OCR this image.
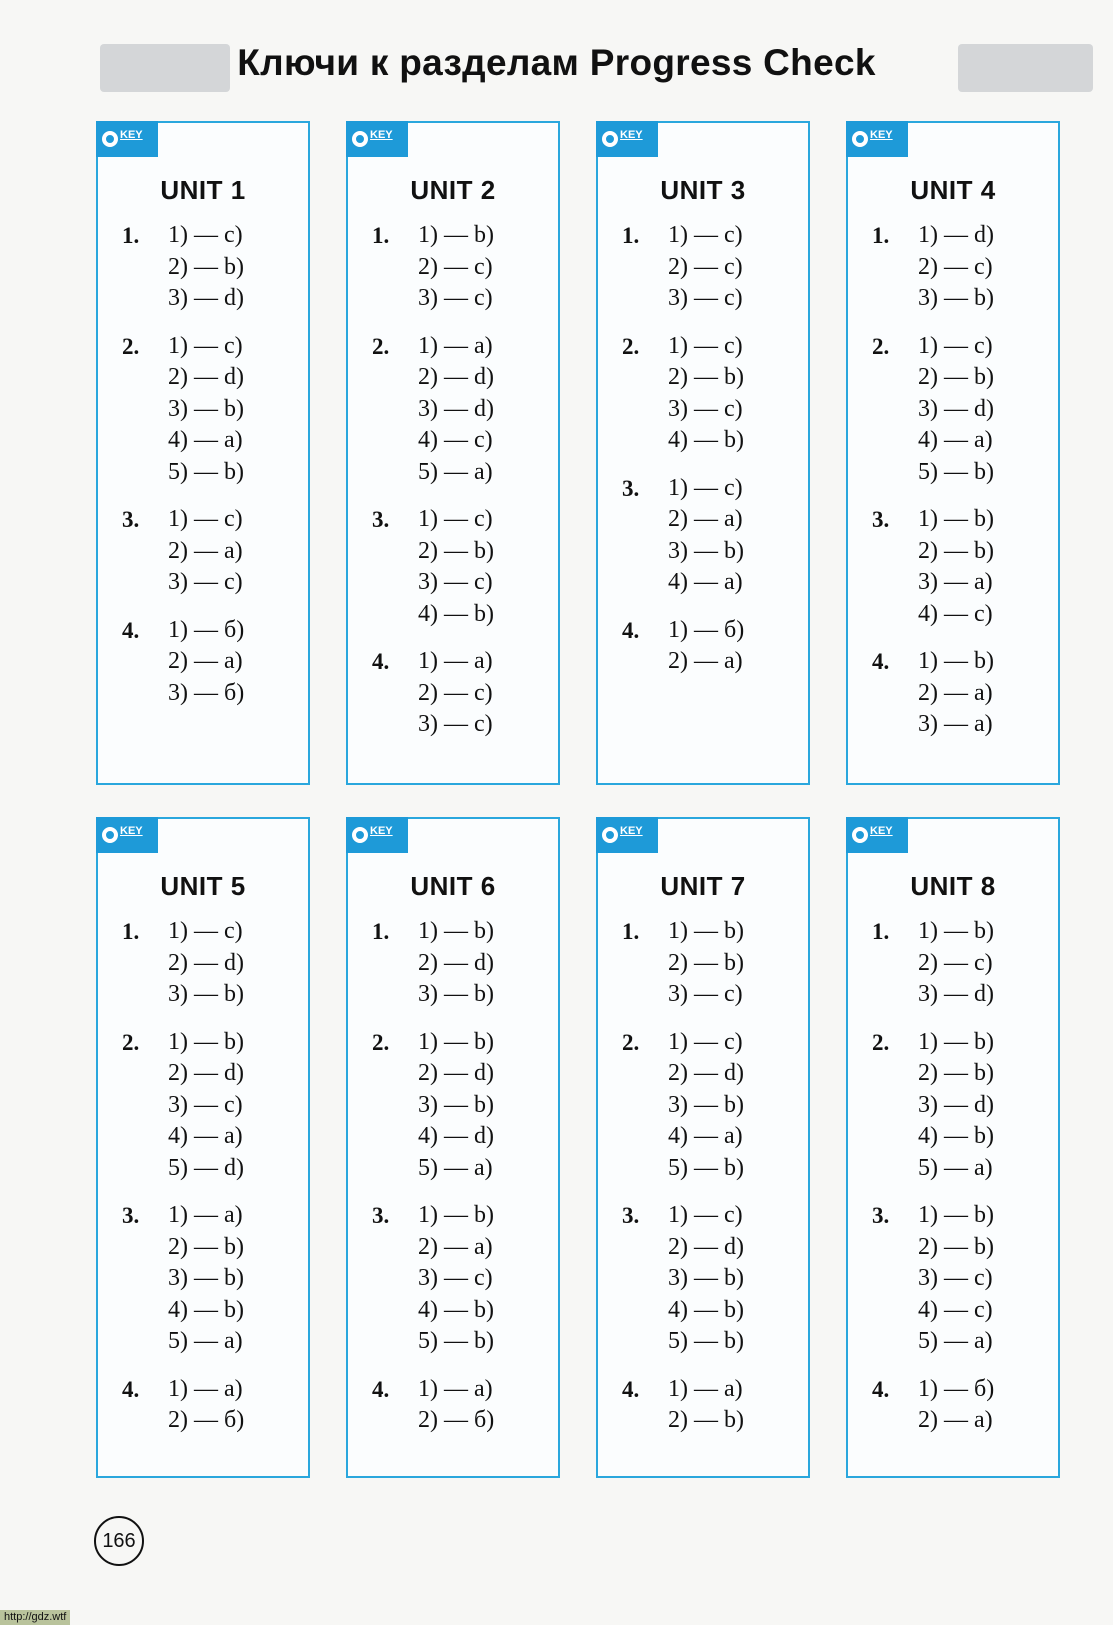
Ключи к разделам Progress Check
KEY
UNIT 1
1.	1) — c)
2) — b)
3) — d)
2.	1) — c)
2) — d)
3) — b)
4) — a)
5) — b)
3.	1) — c)
2) — a)
3) — c)
4.	1) — б)
2) — a)
3) — б)
KEY
UNIT 2
1.	1) — b)
2) — c)
3) — c)
2.	1) — a)
2) — d)
3) — d)
4) — c)
5) — a)
3.	1) — c)
2) — b)
3) — c)
4) — b)
4.	1) — a)
2) — c)
3) — c)
KEY
UNIT 3
1.	1) — c)
2) — c)
3) — c)
2.	1) — c)
2) — b)
3) — c)
4) — b)
3.	1) — c)
2) — a)
3) — b)
4) — a)
4.	1) — б)
2) — a)
KEY
UNIT 4
1.	1) — d)
2) — c)
3) — b)
2.	1) — c)
2) — b)
3) — d)
4) — a)
5) — b)
3.	1) — b)
2) — b)
3) — a)
4) — c)
4.	1) — b)
2) — a)
3) — a)
KEY
UNIT 5
1.	1) — c)
2) — d)
3) — b)
2.	1) — b)
2) — d)
3) — c)
4) — a)
5) — d)
3.	1) — a)
2) — b)
3) — b)
4) — b)
5) — a)
4.	1) — a)
2) — б)
KEY
UNIT 6
1.	1) — b)
2) — d)
3) — b)
2.	1) — b)
2) — d)
3) — b)
4) — d)
5) — a)
3.	1) — b)
2) — a)
3) — c)
4) — b)
5) — b)
4.	1) — a)
2) — б)
KEY
UNIT 7
1.	1) — b)
2) — b)
3) — c)
2.	1) — c)
2) — d)
3) — b)
4) — a)
5) — b)
3.	1) — c)
2) — d)
3) — b)
4) — b)
5) — b)
4.	1) — a)
2) — b)
KEY
UNIT 8
1.	1) — b)
2) — c)
3) — d)
2.	1) — b)
2) — b)
3) — d)
4) — b)
5) — a)
3.	1) — b)
2) — b)
3) — c)
4) — c)
5) — a)
4.	1) — б)
2) — a)
166
http://gdz.wtf
